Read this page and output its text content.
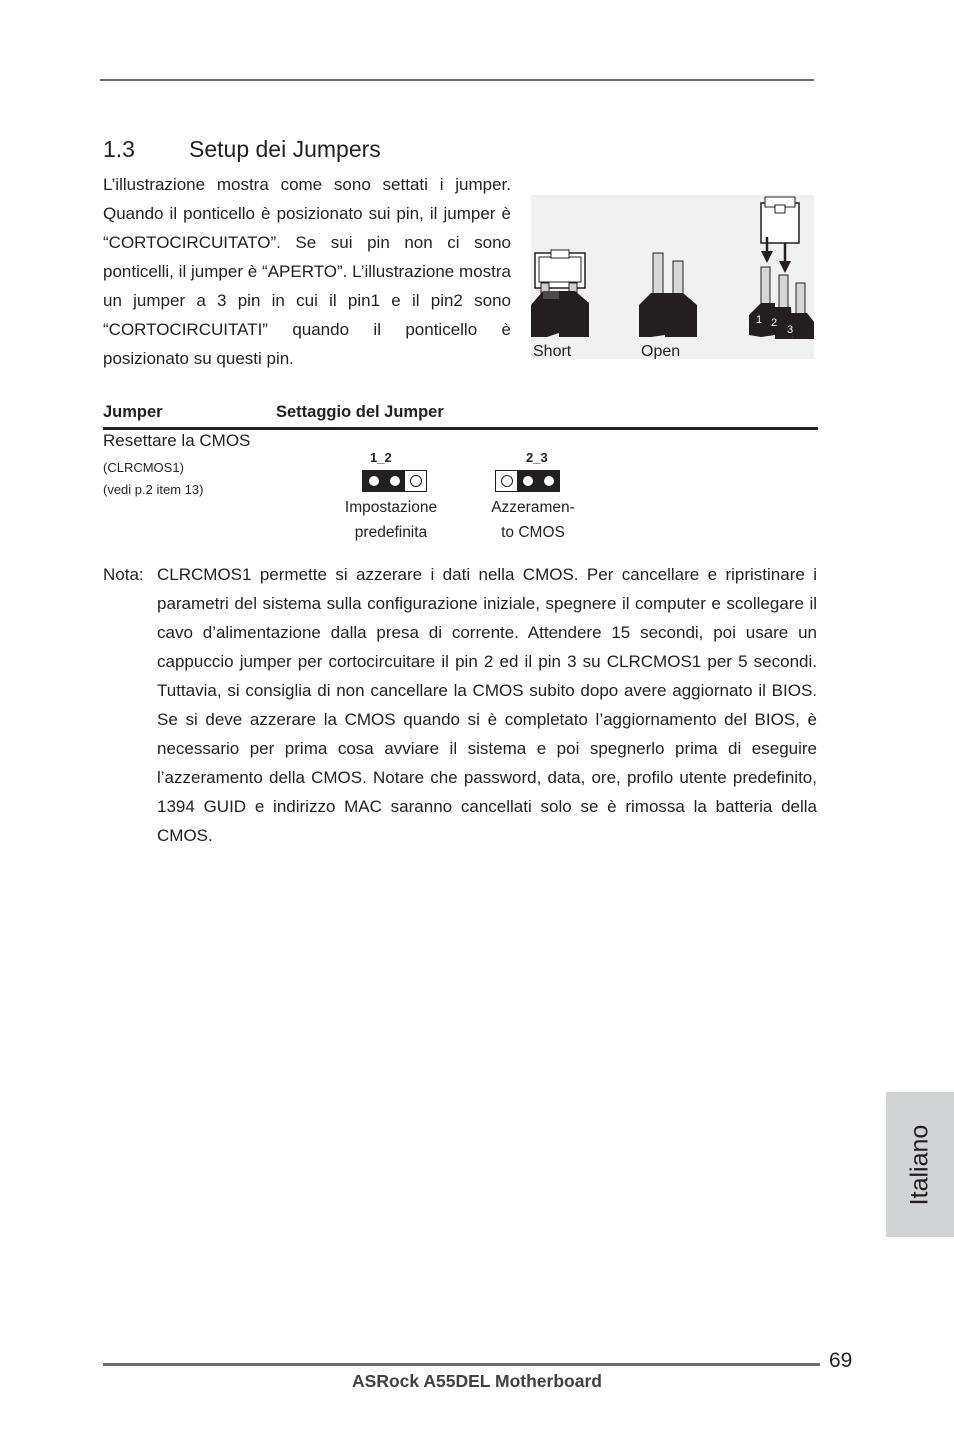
1.3 Setup dei Jumpers
L’illustrazione mostra come sono settati i jumper. Quando il ponticello è posizionato sui pin, il jumper è “CORTOCIRCUITATO”. Se sui pin non ci sono ponticelli, il jumper è “APERTO”. L’illustrazione mostra un jumper a 3 pin in cui il pin1 e il pin2 sono “CORTOCIRCUITATI” quando il ponticello è posizionato su questi pin.
1 2
3
Short	Open
Jumper	Settaggio del Jumper
Resettare la CMOS
(CLRCMOS1)
(vedi p.2 item 13)
1_2
Impostazione
predefinita
2_3
Azzeramen-
to CMOS
Nota: CLRCMOS1 permette si azzerare i dati nella CMOS. Per cancellare e ripristinare i parametri del sistema sulla configurazione iniziale, spegnere il computer e scollegare il cavo d’alimentazione dalla presa di corrente. Attendere 15 secondi, poi usare un cappuccio jumper per cortocircuitare il pin 2 ed il pin 3 su CLRCMOS1 per 5 secondi. Tuttavia, si consiglia di non cancellare la CMOS subito dopo avere aggiornato il BIOS. Se si deve azzerare la CMOS quando si è completato l’aggiornamento del BIOS, è necessario per prima cosa avviare il sistema e poi spegnerlo prima di eseguire l’azzeramento della CMOS. Notare che password, data, ore, profilo utente predefinito, 1394 GUID e indirizzo MAC saranno cancellati solo se è rimossa la batteria della CMOS.
Italiano
69
ASRock A55DEL Motherboard
